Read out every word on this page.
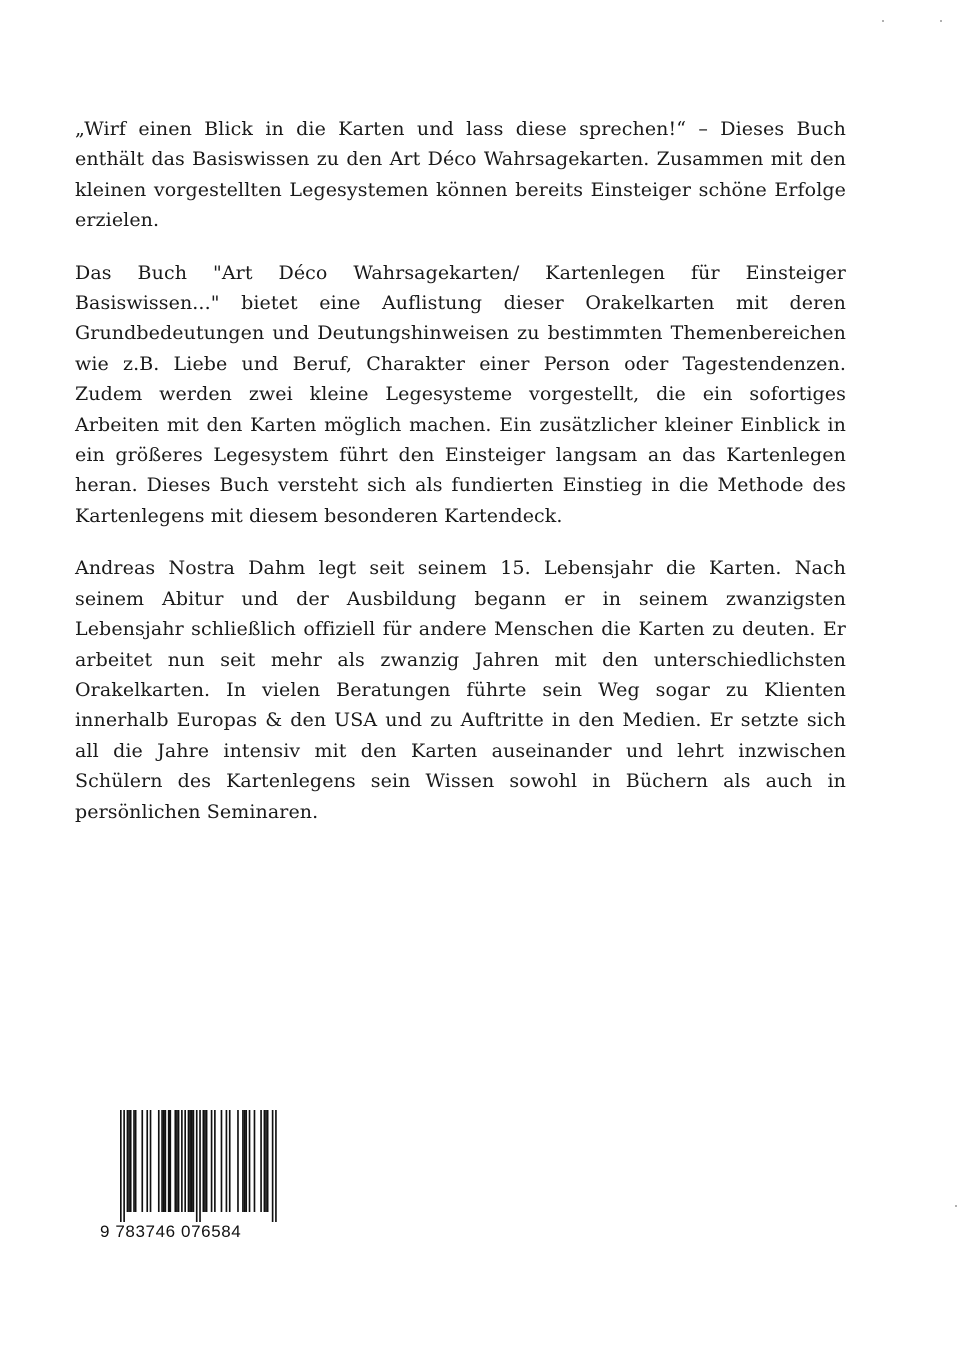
„Wirf einen Blick in die Karten und lass diese sprechen!“ – Dieses Buch enthält das Basiswissen zu den Art Déco Wahrsagekarten. Zusammen mit den kleinen vorgestellten Legesystemen können bereits Einsteiger schöne Erfolge erzielen.

Das Buch "Art Déco Wahrsagekarten/ Kartenlegen für Einsteiger Basiswissen..." bietet eine Auflistung dieser Orakelkarten mit deren Grundbedeutungen und Deutungshinweisen zu bestimmten Themenbereichen wie z.B. Liebe und Beruf, Charakter einer Person oder Tagestendenzen. Zudem werden zwei kleine Legesysteme vorgestellt, die ein sofortiges Arbeiten mit den Karten möglich machen. Ein zusätzlicher kleiner Einblick in ein größeres Legesystem führt den Einsteiger langsam an das Kartenlegen heran. Dieses Buch versteht sich als fundierten Einstieg in die Methode des Kartenlegens mit diesem besonderen Kartendeck.

Andreas Nostra Dahm legt seit seinem 15. Lebensjahr die Karten. Nach seinem Abitur und der Ausbildung begann er in seinem zwanzigsten Lebensjahr schließlich offiziell für andere Menschen die Karten zu deuten. Er arbeitet nun seit mehr als zwanzig Jahren mit den unterschiedlichsten Orakelkarten. In vielen Beratungen führte sein Weg sogar zu Klienten innerhalb Europas & den USA und zu Auftritte in den Medien. Er setzte sich all die Jahre intensiv mit den Karten auseinander und lehrt inzwischen Schülern des Kartenlegens sein Wissen sowohl in Büchern als auch in persönlichen Seminaren.

9 783746 076584
